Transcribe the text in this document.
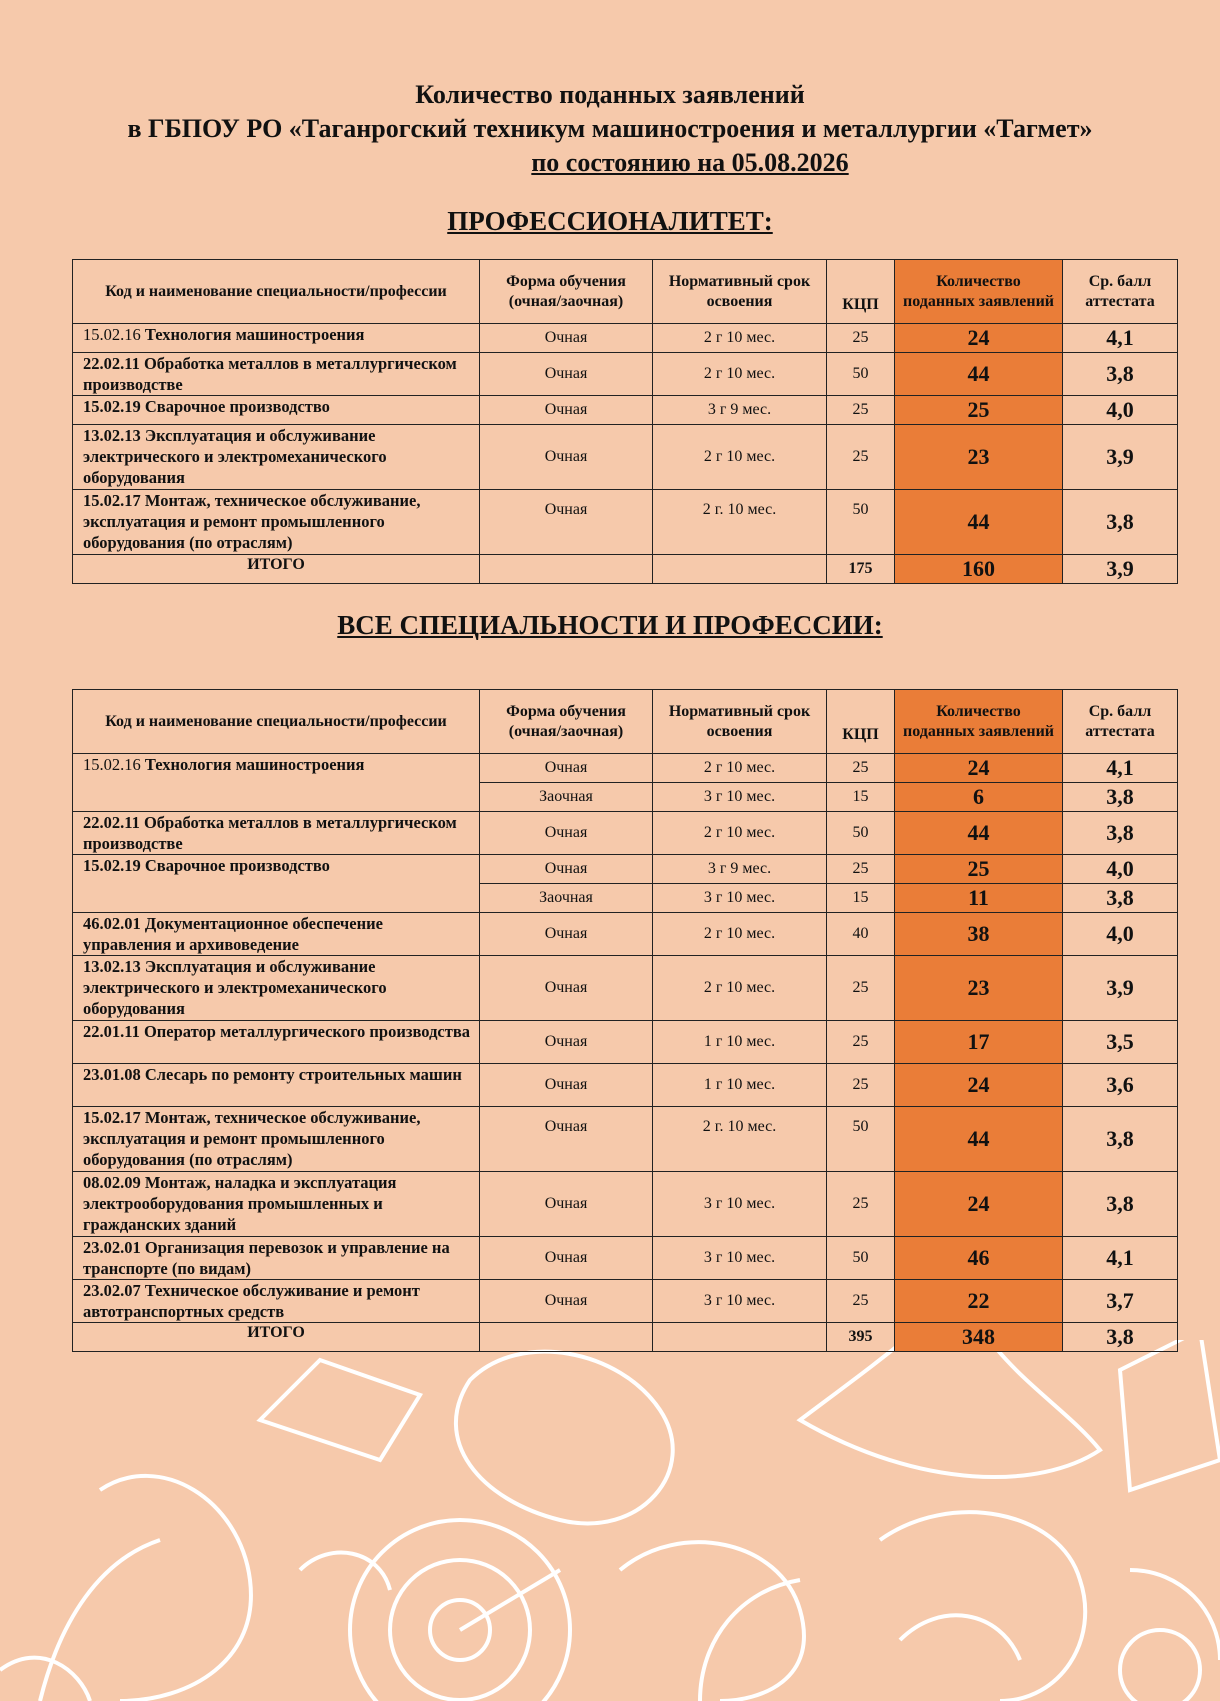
Количество поданных заявлений
в ГБПОУ РО «Таганрогский техникум машиностроения и металлургии «Тагмет»
по состоянию на 05.08.2026
ПРОФЕССИОНАЛИТЕТ:
Код и наименование специальности/профессии	Форма обучения (очная/заочная)	Нормативный срок освоения	КЦП	Количество поданных заявлений	Ср. балл аттестата
15.02.16 Технология машиностроения	Очная	2 г 10 мес.	25	24	4,1
22.02.11 Обработка металлов в металлургическом производстве	Очная	2 г 10 мес.	50	44	3,8
15.02.19 Сварочное производство	Очная	3 г 9 мес.	25	25	4,0
13.02.13 Эксплуатация и обслуживание электрического и электромеханического оборудования	Очная	2 г 10 мес.	25	23	3,9
15.02.17 Монтаж, техническое обслуживание, эксплуатация и ремонт промышленного оборудования (по отраслям)	Очная	2 г. 10 мес.	50	44	3,8
ИТОГО			175	160	3,9
ВСЕ СПЕЦИАЛЬНОСТИ И ПРОФЕССИИ:
Код и наименование специальности/профессии	Форма обучения (очная/заочная)	Нормативный срок освоения	КЦП	Количество поданных заявлений	Ср. балл аттестата
15.02.16 Технология машиностроения	Очная	2 г 10 мес.	25	24	4,1
	Заочная	3 г 10 мес.	15	6	3,8
22.02.11 Обработка металлов в металлургическом производстве	Очная	2 г 10 мес.	50	44	3,8
15.02.19 Сварочное производство	Очная	3 г 9 мес.	25	25	4,0
	Заочная	3 г 10 мес.	15	11	3,8
46.02.01 Документационное обеспечение управления и архивоведение	Очная	2 г 10 мес.	40	38	4,0
13.02.13 Эксплуатация и обслуживание электрического и электромеханического оборудования	Очная	2 г 10 мес.	25	23	3,9
22.01.11 Оператор металлургического производства	Очная	1 г 10 мес.	25	17	3,5
23.01.08 Слесарь по ремонту строительных машин	Очная	1 г 10 мес.	25	24	3,6
15.02.17 Монтаж, техническое обслуживание, эксплуатация и ремонт промышленного оборудования (по отраслям)	Очная	2 г. 10 мес.	50	44	3,8
08.02.09 Монтаж, наладка и эксплуатация электрооборудования промышленных и гражданских зданий	Очная	3 г 10 мес.	25	24	3,8
23.02.01 Организация перевозок и управление на транспорте (по видам)	Очная	3 г 10 мес.	50	46	4,1
23.02.07 Техническое обслуживание и ремонт автотранспортных средств	Очная	3 г 10 мес.	25	22	3,7
ИТОГО			395	348	3,8
